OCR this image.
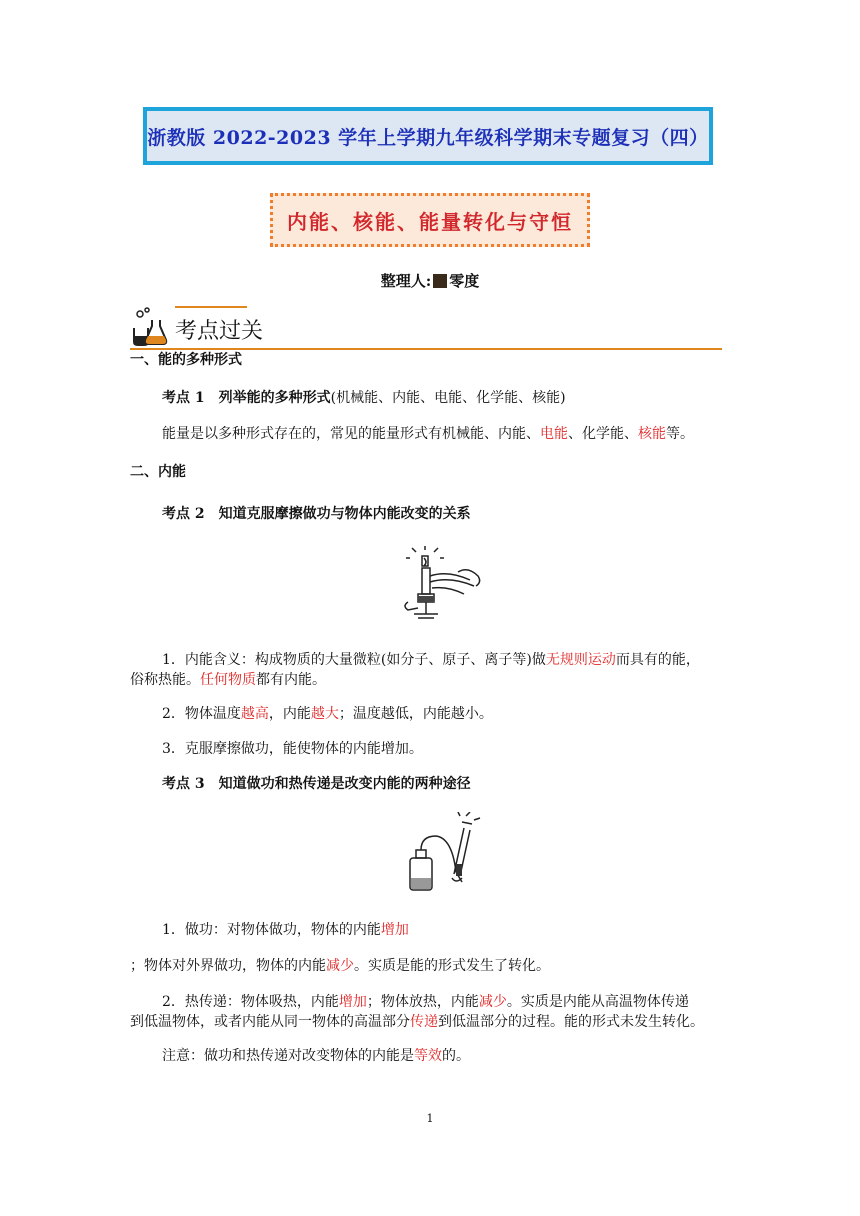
浙教版 2022-2023 学年上学期九年级科学期末专题复习（四）
内能、核能、能量转化与守恒
整理人: 零度
考点过关
一、能的多种形式
考点 1　列举能的多种形式(机械能、内能、电能、化学能、核能)
能量是以多种形式存在的，常见的能量形式有机械能、内能、电能、化学能、核能等。
二、内能
考点 2　知道克服摩擦做功与物体内能改变的关系
1．内能含义：构成物质的大量微粒(如分子、原子、离子等)做无规则运动而具有的能，
俗称热能。任何物质都有内能。
2．物体温度越高，内能越大；温度越低，内能越小。
3．克服摩擦做功，能使物体的内能增加。
考点 3　知道做功和热传递是改变内能的两种途径
1．做功：对物体做功，物体的内能增加
；物体对外界做功，物体的内能减少。实质是能的形式发生了转化。
2．热传递：物体吸热，内能增加；物体放热，内能减少。实质是内能从高温物体传递
到低温物体，或者内能从同一物体的高温部分传递到低温部分的过程。能的形式未发生转化。
注意：做功和热传递对改变物体的内能是等效的。
1
